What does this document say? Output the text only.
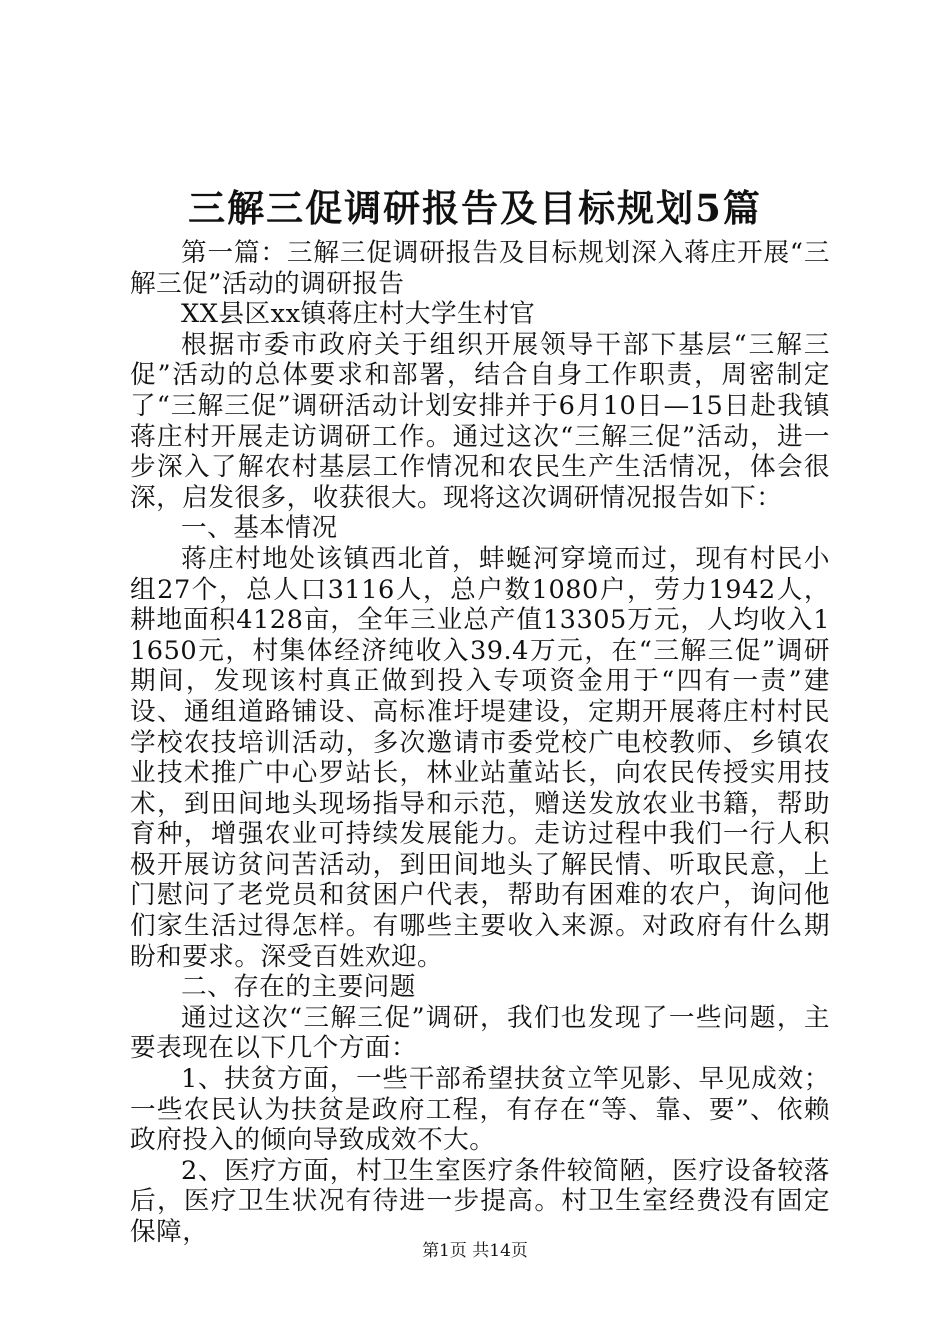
三解三促调研报告及目标规划5篇

第一篇：三解三促调研报告及目标规划深入蒋庄开展“三解三促”活动的调研报告

XX县区xx镇蒋庄村大学生村官

根据市委市政府关于组织开展领导干部下基层“三解三促”活动的总体要求和部署，结合自身工作职责，周密制定了“三解三促”调研活动计划安排并于6月10日—15日赴我镇蒋庄村开展走访调研工作。通过这次“三解三促”活动，进一步深入了解农村基层工作情况和农民生产生活情况，体会很深，启发很多，收获很大。现将这次调研情况报告如下：

一、基本情况

蒋庄村地处该镇西北首，蚌蜒河穿境而过，现有村民小组27个，总人口3116人，总户数1080户，劳力1942人，耕地面积4128亩，全年三业总产值13305万元，人均收入11650元，村集体经济纯收入39.4万元，在“三解三促”调研期间，发现该村真正做到投入专项资金用于“四有一责”建设、通组道路铺设、高标准圩堤建设，定期开展蒋庄村村民学校农技培训活动，多次邀请市委党校广电校教师、乡镇农业技术推广中心罗站长，林业站董站长，向农民传授实用技术，到田间地头现场指导和示范，赠送发放农业书籍，帮助育种，增强农业可持续发展能力。走访过程中我们一行人积极开展访贫问苦活动，到田间地头了解民情、听取民意，上门慰问了老党员和贫困户代表，帮助有困难的农户，询问他们家生活过得怎样。有哪些主要收入来源。对政府有什么期盼和要求。深受百姓欢迎。

二、存在的主要问题

通过这次“三解三促”调研，我们也发现了一些问题，主要表现在以下几个方面：

1、扶贫方面，一些干部希望扶贫立竿见影、早见成效；一些农民认为扶贫是政府工程，有存在“等、靠、要”、依赖政府投入的倾向导致成效不大。

2、医疗方面，村卫生室医疗条件较简陋，医疗设备较落后，医疗卫生状况有待进一步提高。村卫生室经费没有固定保障，

第1页 共14页
